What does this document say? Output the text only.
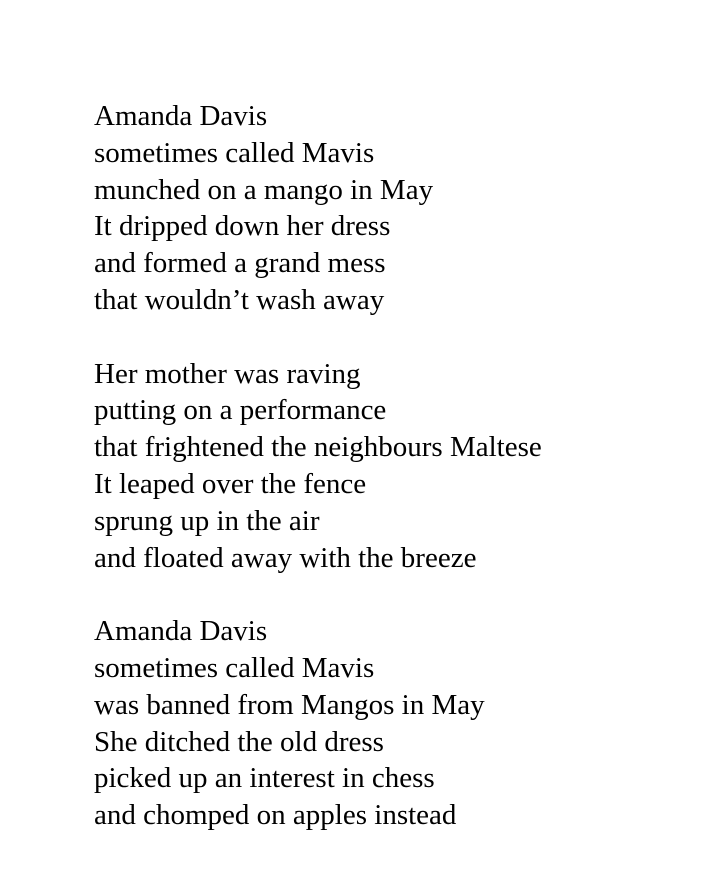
Amanda Davis
sometimes called Mavis
munched on a mango in May
It dripped down her dress
and formed a grand mess
that wouldn’t wash away
Her mother was raving
putting on a performance
that frightened the neighbours Maltese
It leaped over the fence
sprung up in the air
and floated away with the breeze
Amanda Davis
sometimes called Mavis
was banned from Mangos in May
She ditched the old dress
picked up an interest in chess
and chomped on apples instead
